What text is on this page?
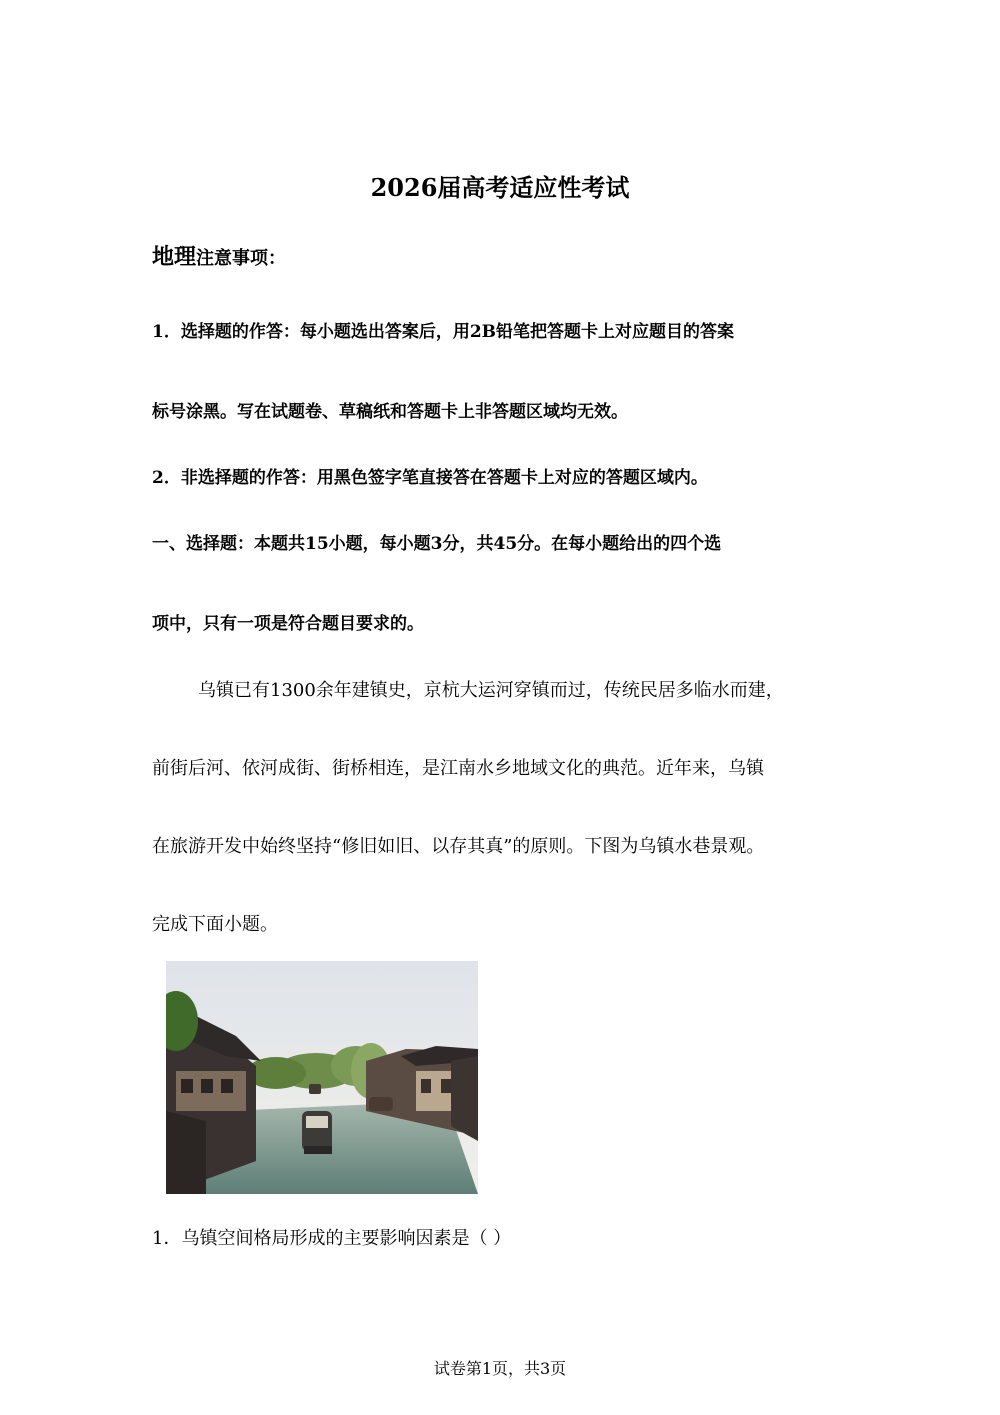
2026届高考适应性考试
地理注意事项：
1．选择题的作答：每小题选出答案后，用2B铅笔把答题卡上对应题目的答案
标号涂黑。写在试题卷、草稿纸和答题卡上非答题区域均无效。
2．非选择题的作答：用黑色签字笔直接答在答题卡上对应的答题区域内。
一、选择题：本题共15小题，每小题3分，共45分。在每小题给出的四个选
项中，只有一项是符合题目要求的。
乌镇已有1300余年建镇史，京杭大运河穿镇而过，传统民居多临水而建，
前街后河、依河成街、街桥相连，是江南水乡地域文化的典范。近年来，乌镇
在旅游开发中始终坚持“修旧如旧、以存其真”的原则。下图为乌镇水巷景观。
完成下面小题。
1．乌镇空间格局形成的主要影响因素是（ ）
试卷第1页，共3页
